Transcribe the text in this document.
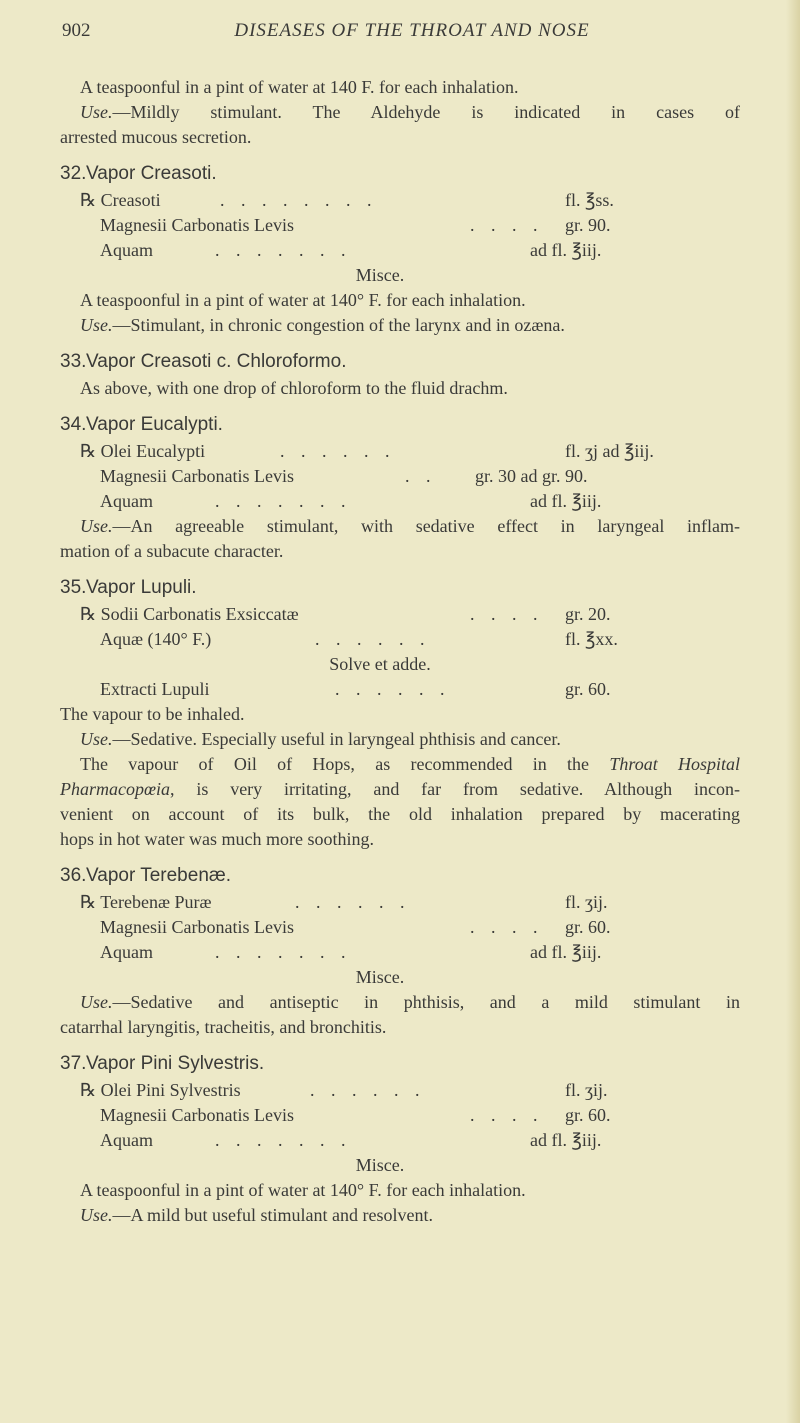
902	DISEASES OF THE THROAT AND NOSE
A teaspoonful in a pint of water at 140 F. for each inhalation.
Use.—Mildly stimulant. The Aldehyde is indicated in cases of
arrested mucous secretion.
32.Vapor Creasoti.
℞ Creasoti	. . . . . . . .	fl. ℥ss.
Magnesii Carbonatis Levis	. . . . gr. 90.
Aquam	. . . . . . .	ad fl. ℥iij.
Misce.
A teaspoonful in a pint of water at 140° F. for each inhalation.
Use.—Stimulant, in chronic congestion of the larynx and in ozæna.
33.Vapor Creasoti c. Chloroformo.
As above, with one drop of chloroform to the fluid drachm.
34.Vapor Eucalypti.
℞ Olei Eucalypti	. . . . . .	fl. ʒj ad ℥iij.
Magnesii Carbonatis Levis	. . gr. 30 ad gr. 90.
Aquam	. . . . . . .	ad fl. ℥iij.
Use.—An agreeable stimulant, with sedative effect in laryngeal inflam-
mation of a subacute character.
35.Vapor Lupuli.
℞ Sodii Carbonatis Exsiccatæ	. . . . gr. 20.
Aquæ (140° F.)	. . . . . .	fl. ℥xx.
Solve et adde.
Extracti Lupuli	. . . . . .	gr. 60.
The vapour to be inhaled.
Use.—Sedative. Especially useful in laryngeal phthisis and cancer.
The vapour of Oil of Hops, as recommended in the Throat Hospital
Pharmacopœia, is very irritating, and far from sedative. Although incon-
venient on account of its bulk, the old inhalation prepared by macerating
hops in hot water was much more soothing.
36.Vapor Terebenæ.
℞ Terebenæ Puræ	. . . . . .	fl. ʒij.
Magnesii Carbonatis Levis	. . . . gr. 60.
Aquam	. . . . . . .	ad fl. ℥iij.
Misce.
Use.—Sedative and antiseptic in phthisis, and a mild stimulant in
catarrhal laryngitis, tracheitis, and bronchitis.
37.Vapor Pini Sylvestris.
℞ Olei Pini Sylvestris	. . . . . .	fl. ʒij.
Magnesii Carbonatis Levis	. . . . gr. 60.
Aquam	. . . . . . .	ad fl. ℥iij.
Misce.
A teaspoonful in a pint of water at 140° F. for each inhalation.
Use.—A mild but useful stimulant and resolvent.
